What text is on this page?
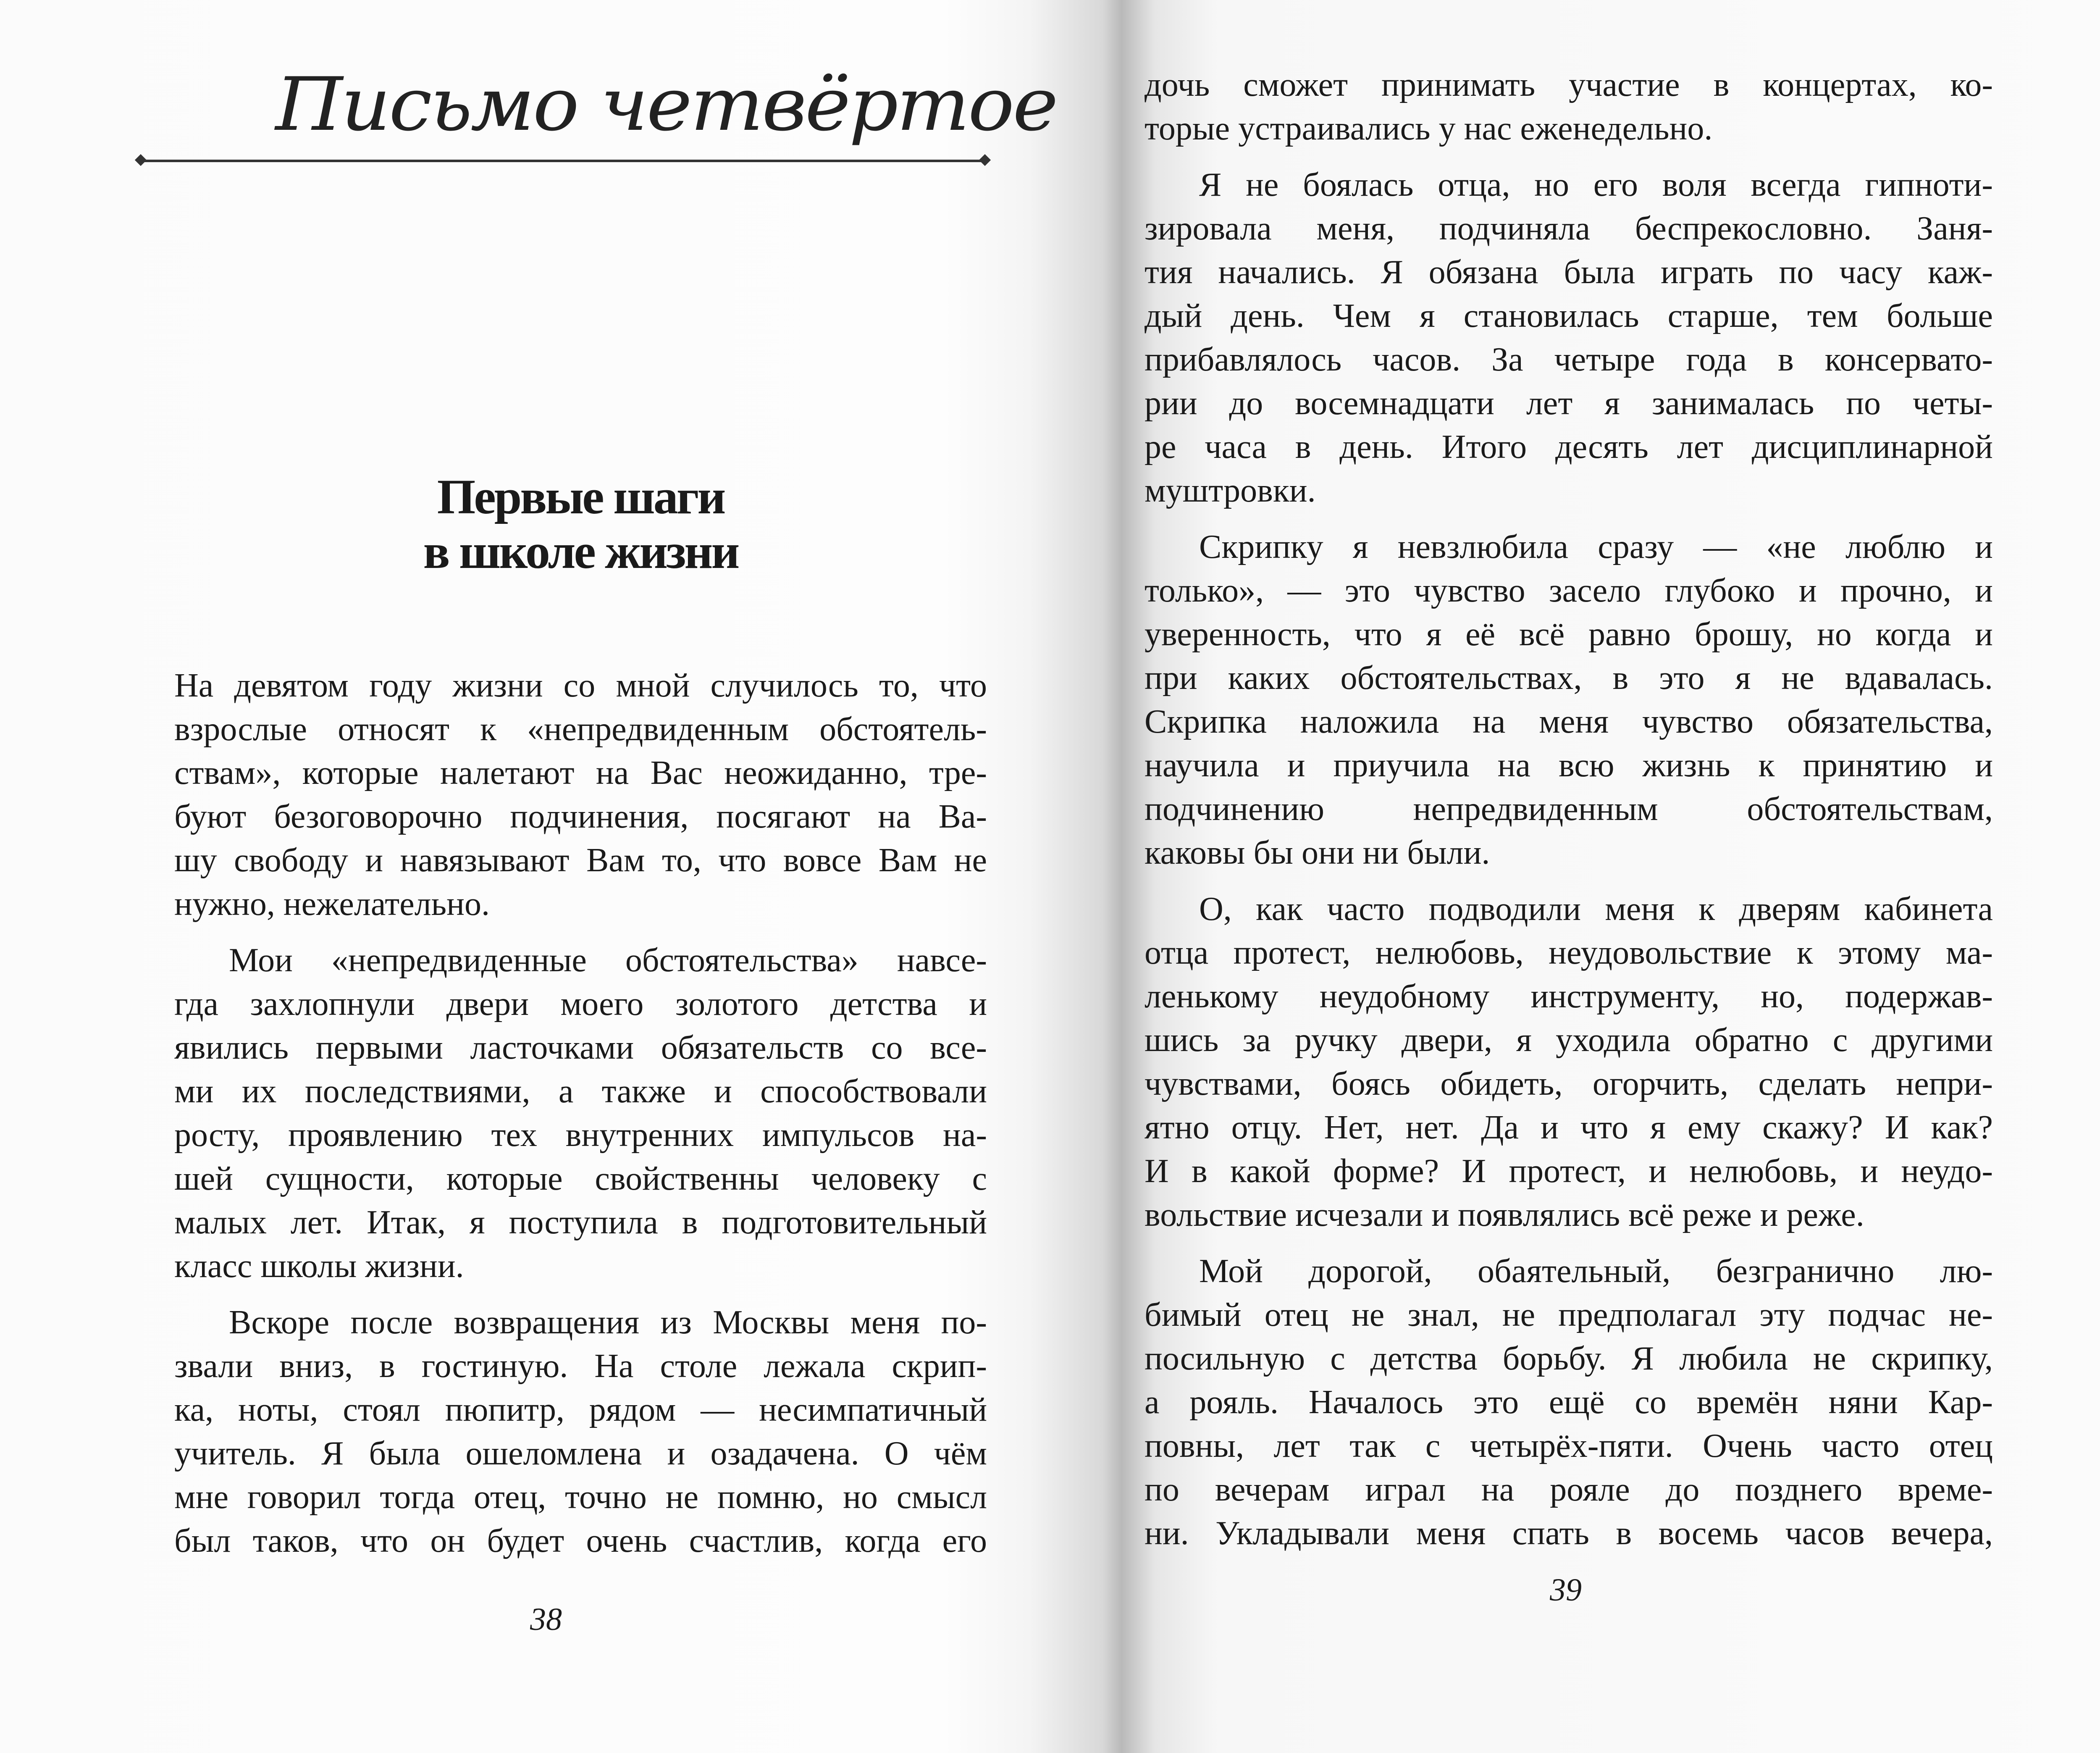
Письмо четвёртое
Первые шаги
в школе жизни
На девятом году жизни со мной случилось то, что
взрослые относят к «непредвиденным обстоятель-
ствам», которые налетают на Вас неожиданно, тре-
буют безоговорочно подчинения, посягают на Ва-
шу свободу и навязывают Вам то, что вовсе Вам не
нужно, нежелательно.
Мои «непредвиденные обстоятельства» навсе-
гда захлопнули двери моего золотого детства и
явились первыми ласточками обязательств со все-
ми их последствиями, а также и способствовали
росту, проявлению тех внутренних импульсов на-
шей сущности, которые свойственны человеку с
малых лет. Итак, я поступила в подготовительный
класс школы жизни.
Вскоре после возвращения из Москвы меня по-
звали вниз, в гостиную. На столе лежала скрип-
ка, ноты, стоял пюпитр, рядом — несимпатичный
учитель. Я была ошеломлена и озадачена. О чём
мне говорил тогда отец, точно не помню, но смысл
был таков, что он будет очень счастлив, когда его
дочь сможет принимать участие в концертах, ко-
торые устраивались у нас еженедельно.
Я не боялась отца, но его воля всегда гипноти-
зировала меня, подчиняла беспрекословно. Заня-
тия начались. Я обязана была играть по часу каж-
дый день. Чем я становилась старше, тем больше
прибавлялось часов. За четыре года в консервато-
рии до восемнадцати лет я занималась по четы-
ре часа в день. Итого десять лет дисциплинарной
муштровки.
Скрипку я невзлюбила сразу — «не люблю и
только», — это чувство засело глубоко и прочно, и
уверенность, что я её всё равно брошу, но когда и
при каких обстоятельствах, в это я не вдавалась.
Скрипка наложила на меня чувство обязательства,
научила и приучила на всю жизнь к принятию и
подчинению непредвиденным обстоятельствам,
каковы бы они ни были.
О, как часто подводили меня к дверям кабинета
отца протест, нелюбовь, неудовольствие к этому ма-
ленькому неудобному инструменту, но, подержав-
шись за ручку двери, я уходила обратно с другими
чувствами, боясь обидеть, огорчить, сделать непри-
ятно отцу. Нет, нет. Да и что я ему скажу? И как?
И в какой форме? И протест, и нелюбовь, и неудо-
вольствие исчезали и появлялись всё реже и реже.
Мой дорогой, обаятельный, безгранично лю-
бимый отец не знал, не предполагал эту подчас не-
посильную с детства борьбу. Я любила не скрипку,
а рояль. Началось это ещё со времён няни Кар-
повны, лет так с четырёх-пяти. Очень часто отец
по вечерам играл на рояле до позднего време-
ни. Укладывали меня спать в восемь часов вечера,
38
39
